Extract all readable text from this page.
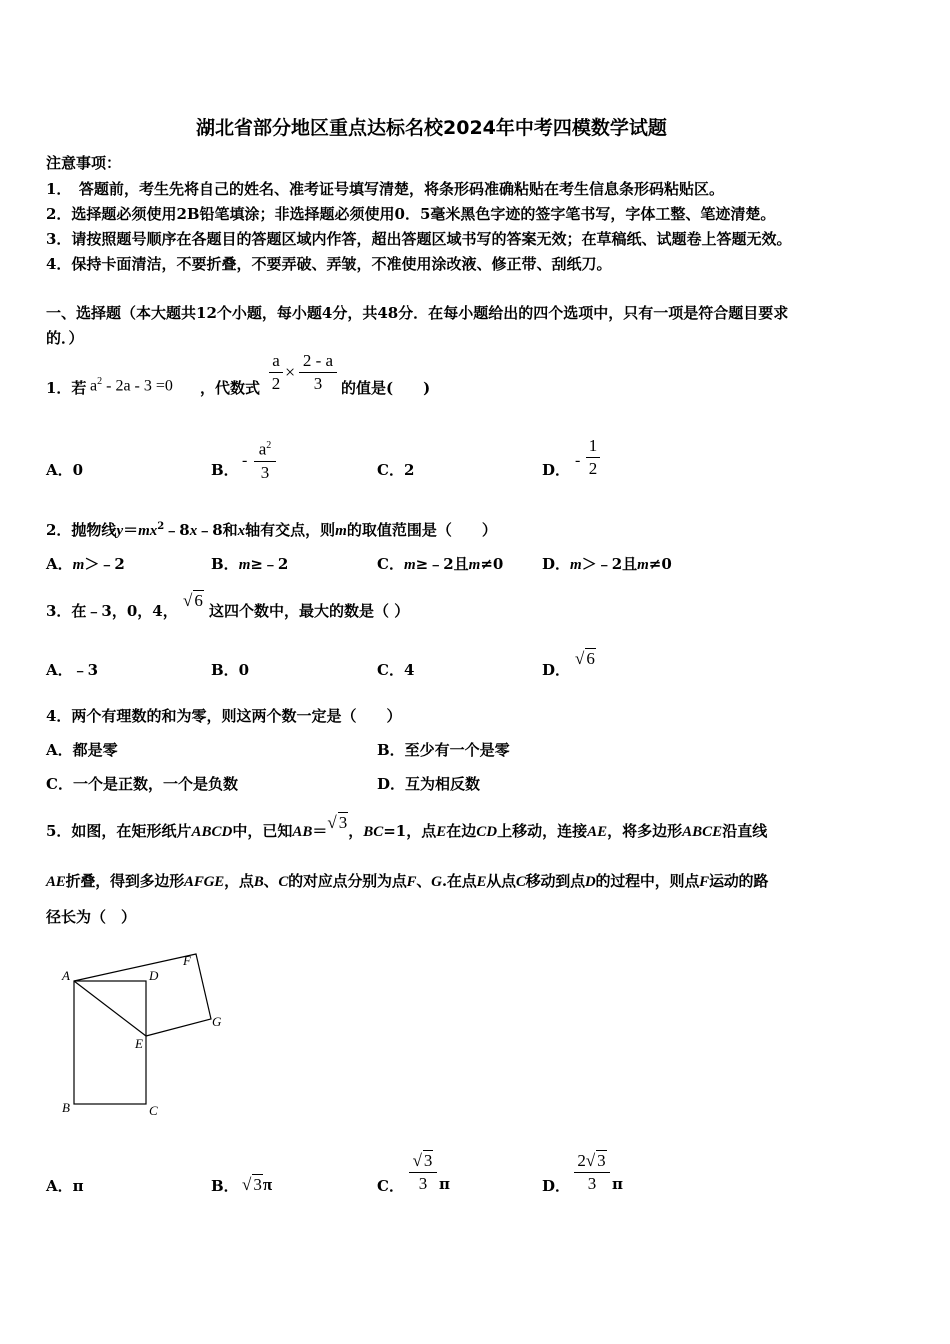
湖北省部分地区重点达标名校2024年中考四模数学试题
注意事项：
1．　答题前，考生先将自己的姓名、准考证号填写清楚，将条形码准确粘贴在考生信息条形码粘贴区。
2．选择题必须使用2B铅笔填涂；非选择题必须使用0．5毫米黑色字迹的签字笔书写，字体工整、笔迹清楚。
3．请按照题号顺序在各题目的答题区域内作答，超出答题区域书写的答案无效；在草稿纸、试题卷上答题无效。
4．保持卡面清洁，不要折叠，不要弄破、弄皱，不准使用涂改液、修正带、刮纸刀。
一、选择题（本大题共12个小题，每小题4分，共48分．在每小题给出的四个选项中，只有一项是符合题目要求
的．）
1．若 $a^2 - 2a - 3 =0$ ，代数式
a
2
×
2 - a
3	的值是(　　)
A．0	B．
-
$a^2$
3	C．2	D．
-
1
2
2．抛物线$y=mx^2﹣8x﹣8$和x轴有交点，则m的取值范围是（　　）
A．m＞﹣2	B．m≥﹣2	C．m≥﹣2且m≠0	D．m＞﹣2且m≠0
3．在﹣3，0，4，
√ 6
这四个数中，最大的数是（ ）
A．﹣3	B．0	C．4	D．
√ 6
4．两个有理数的和为零，则这两个数一定是（　　）
A．都是零	B．至少有一个是零
C．一个是正数，一个是负数	D．互为相反数
5．如图，在矩形纸片ABCD中，已知AB＝√ 3，BC=1，点E在边CD上移动，连接AE，将多边形ABCE沿直线
AE折叠，得到多边形AFGE，点B、C的对应点分别为点F、G.在点E从点C移动到点D的过程中，则点F运动的路
径长为（　）
A	D
F
G
E
B	C
A．π	B． √ 3π	C．
√ 3
3 π	D．
2√ 3
3	π
